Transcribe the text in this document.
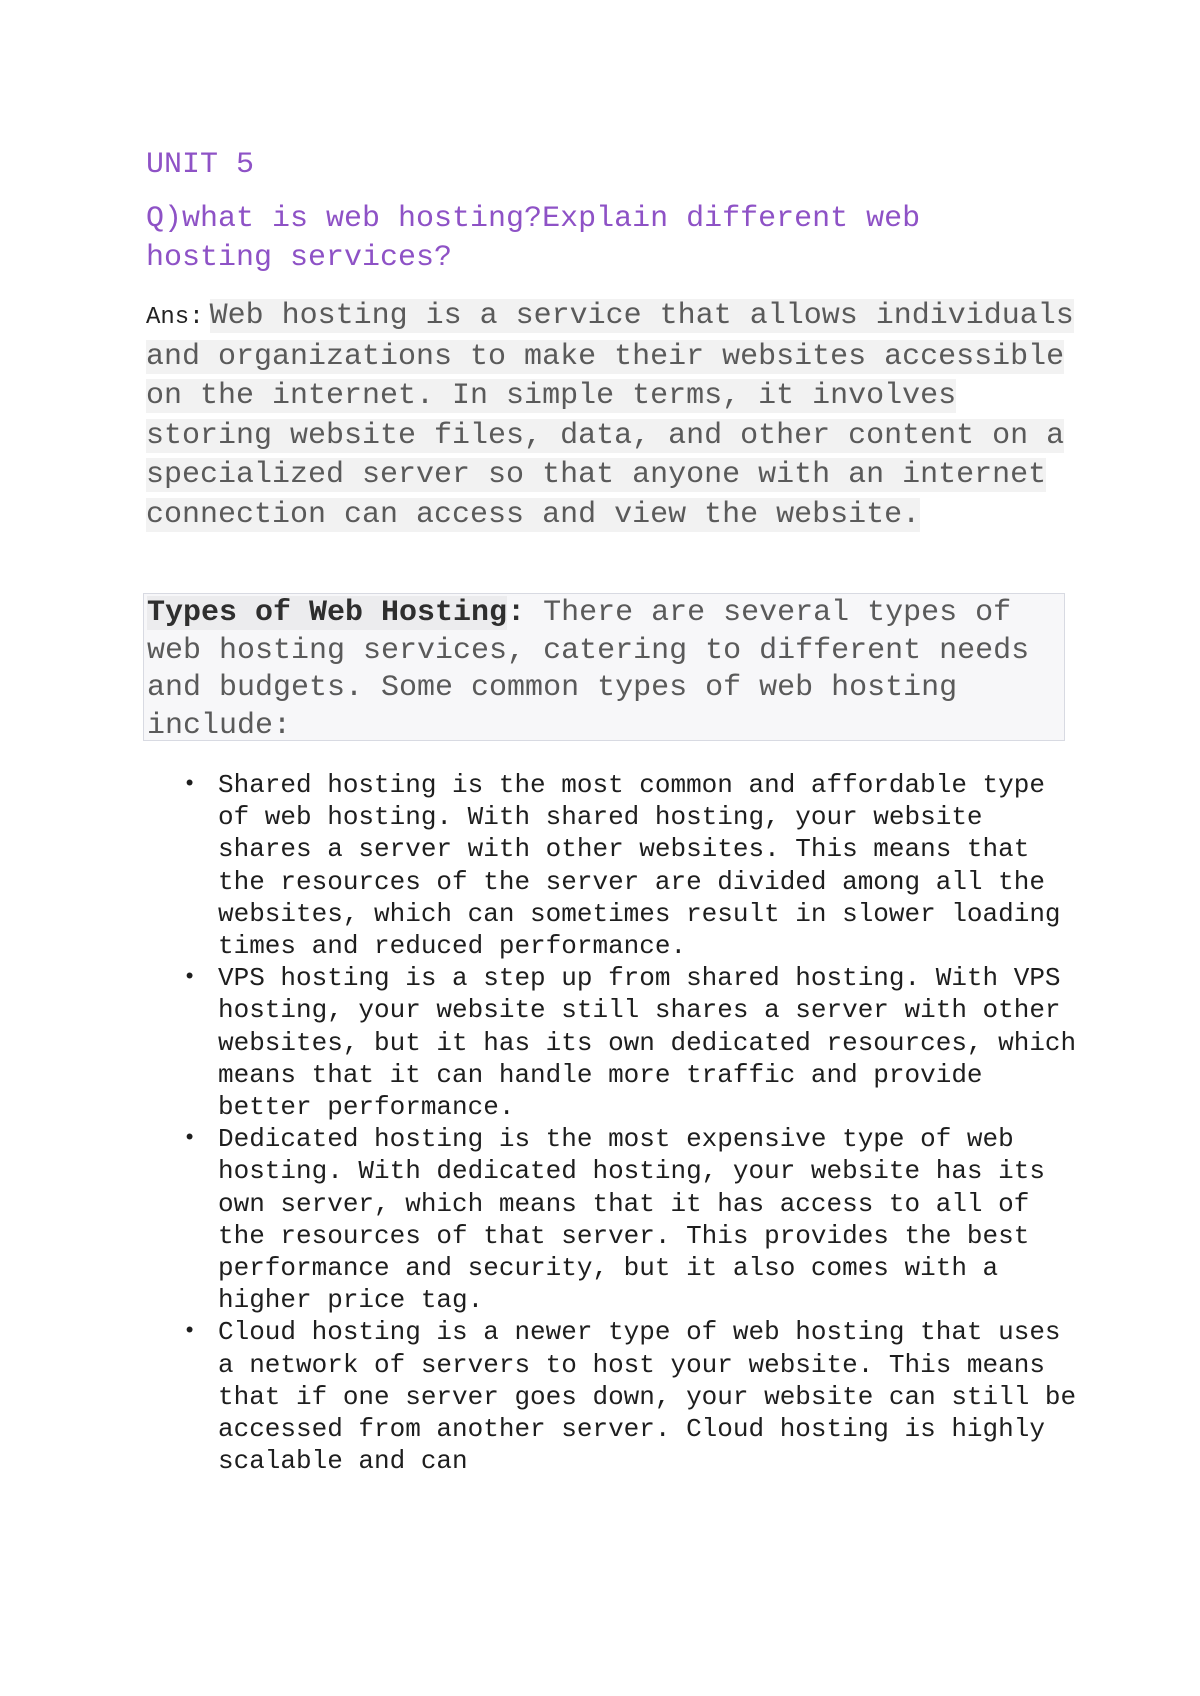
UNIT 5
Q)what is web hosting?Explain different web hosting services?

Ans: Web hosting is a service that allows individuals and organizations to make their websites accessible on the internet. In simple terms, it involves storing website files, data, and other content on a specialized server so that anyone with an internet connection can access and view the website.

Types of Web Hosting: There are several types of web hosting services, catering to different needs and budgets. Some common types of web hosting include:
• Shared hosting is the most common and affordable type of web hosting. With shared hosting, your website shares a server with other websites. This means that the resources of the server are divided among all the websites, which can sometimes result in slower loading times and reduced performance.
• VPS hosting is a step up from shared hosting. With VPS hosting, your website still shares a server with other websites, but it has its own dedicated resources, which means that it can handle more traffic and provide better performance.
• Dedicated hosting is the most expensive type of web hosting. With dedicated hosting, your website has its own server, which means that it has access to all of the resources of that server. This provides the best performance and security, but it also comes with a higher price tag.
• Cloud hosting is a newer type of web hosting that uses a network of servers to host your website. This means that if one server goes down, your website can still be accessed from another server. Cloud hosting is highly scalable and can
